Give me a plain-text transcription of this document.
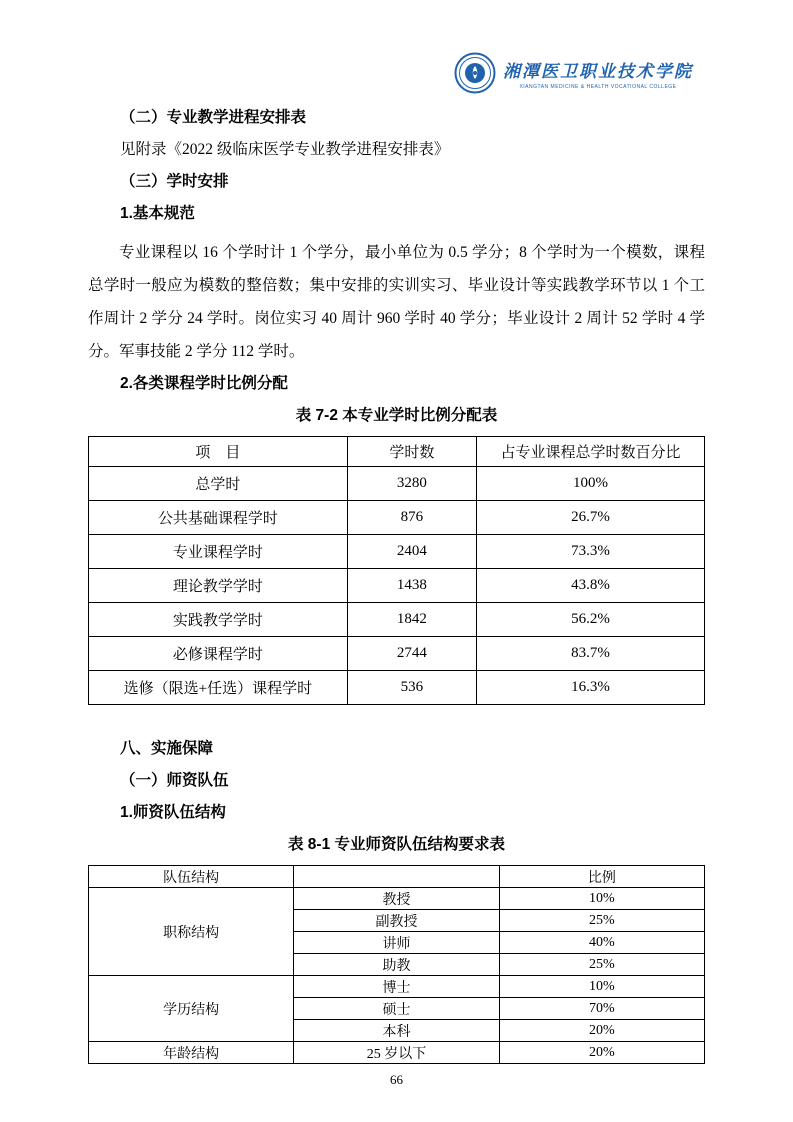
湘潭医卫职业技术学院
XIANGTAN MEDICINE & HEALTH VOCATIONAL COLLEGE
（二）专业教学进程安排表
见附录《2022 级临床医学专业教学进程安排表》
（三）学时安排
1.基本规范

专业课程以 16 个学时计 1 个学分，最小单位为 0.5 学分；8 个学时为一个模数，课程总学时一般应为模数的整倍数；集中安排的实训实习、毕业设计等实践教学环节以 1 个工作周计 2 学分 24 学时。岗位实习 40 周计 960 学时 40 学分；毕业设计 2 周计 52 学时 4 学分。军事技能 2 学分 112 学时。

2.各类课程学时比例分配
表 7-2 本专业学时比例分配表
项　目	学时数	占专业课程总学时数百分比
总学时	3280	100%
公共基础课程学时	876	26.7%
专业课程学时	2404	73.3%
理论教学学时	1438	43.8%
实践教学学时	1842	56.2%
必修课程学时	2744	83.7%
选修（限选+任选）课程学时	536	16.3%
八、实施保障
（一）师资队伍
1.师资队伍结构
表 8-1 专业师资队伍结构要求表
队伍结构		比例
职称结构	教授	10%
	副教授	25%
	讲师	40%
	助教	25%
学历结构	博士	10%
	硕士	70%
	本科	20%
年龄结构	25 岁以下	20%
66
